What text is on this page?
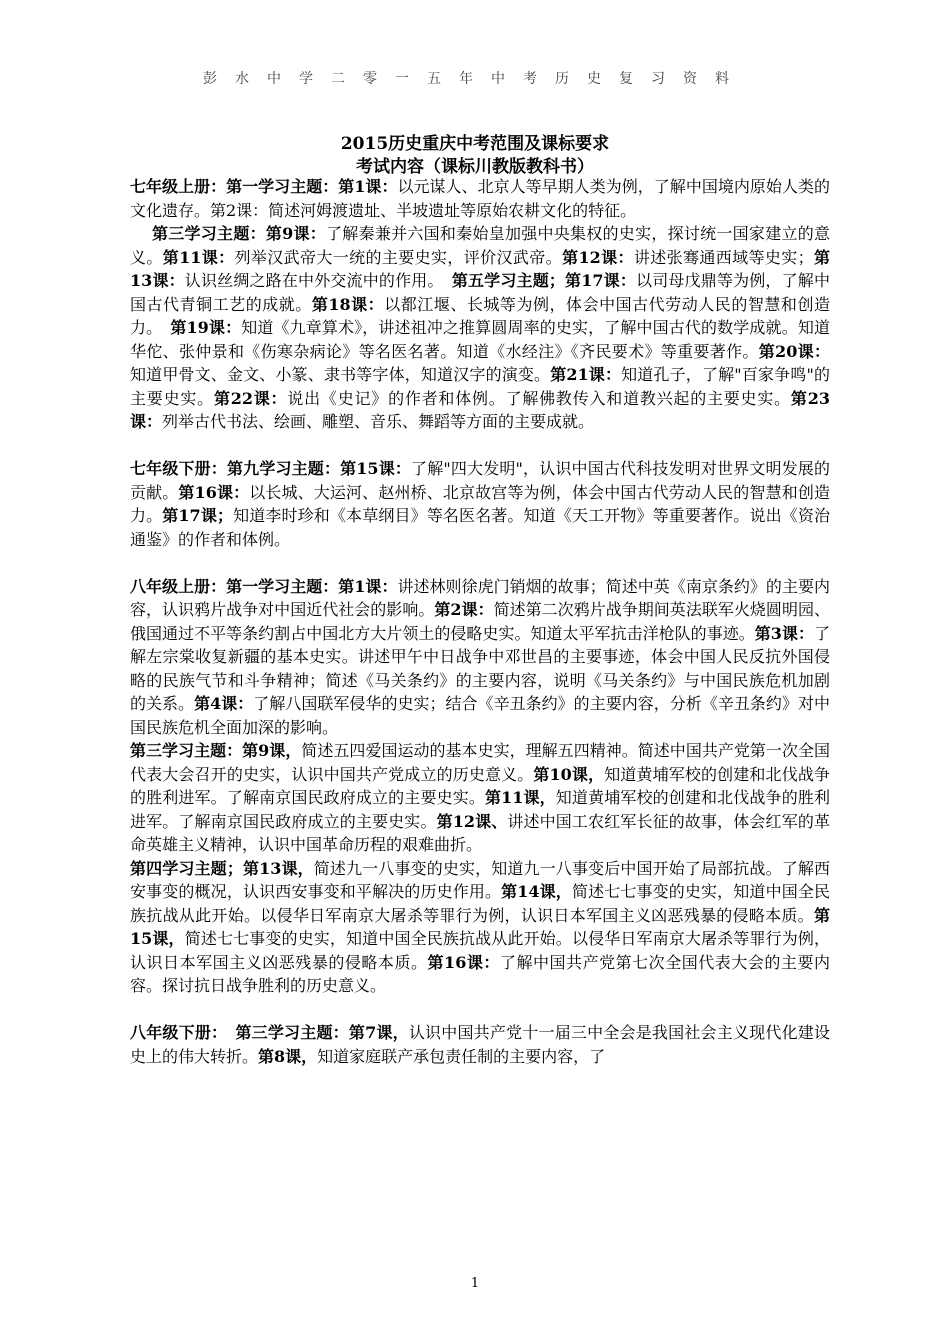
彭水中学二零一五年中考历史复习资料
2015历史重庆中考范围及课标要求
考试内容（课标川教版教科书）

七年级上册：第一学习主题：第1课：以元谋人、北京人等早期人类为例，了解中国境内原始人类的文化遗存。第2课：简述河姆渡遗址、半坡遗址等原始农耕文化的特征。

第三学习主题：第9课：了解秦兼并六国和秦始皇加强中央集权的史实，探讨统一国家建立的意义。第11课：列举汉武帝大一统的主要史实，评价汉武帝。第12课：讲述张骞通西域等史实；第13课：认识丝绸之路在中外交流中的作用。　 第五学习主题；第17课：以司母戊鼎等为例，了解中国古代青铜工艺的成就。第18课：以都江堰、长城等为例，体会中国古代劳动人民的智慧和创造力。　 第19课：知道《九章算术》，讲述祖冲之推算圆周率的史实，了解中国古代的数学成就。知道华佗、张仲景和《伤寒杂病论》等名医名著。知道《水经注》《齐民要术》等重要著作。第20课：知道甲骨文、金文、小篆、隶书等字体，知道汉字的演变。第21课：知道孔子，了解"百家争鸣"的主要史实。第22课：说出《史记》的作者和体例。了解佛教传入和道教兴起的主要史实。第23课：列举古代书法、绘画、雕塑、音乐、舞蹈等方面的主要成就。

七年级下册：第九学习主题：第15课：了解"四大发明"，认识中国古代科技发明对世界文明发展的贡献。第16课：以长城、大运河、赵州桥、北京故宫等为例，体会中国古代劳动人民的智慧和创造力。第17课；知道李时珍和《本草纲目》等名医名著。知道《天工开物》等重要著作。说出《资治通鉴》的作者和体例。

八年级上册：第一学习主题：第1课：讲述林则徐虎门销烟的故事；简述中英《南京条约》的主要内容，认识鸦片战争对中国近代社会的影响。第2课：简述第二次鸦片战争期间英法联军火烧圆明园、俄国通过不平等条约割占中国北方大片领土的侵略史实。知道太平军抗击洋枪队的事迹。第3课：了解左宗棠收复新疆的基本史实。讲述甲午中日战争中邓世昌的主要事迹，体会中国人民反抗外国侵略的民族气节和斗争精神；简述《马关条约》的主要内容，说明《马关条约》与中国民族危机加剧的关系。第4课：了解八国联军侵华的史实；结合《辛丑条约》的主要内容，分析《辛丑条约》对中国民族危机全面加深的影响。

第三学习主题：第9课，简述五四爱国运动的基本史实，理解五四精神。简述中国共产党第一次全国代表大会召开的史实，认识中国共产党成立的历史意义。第10课，知道黄埔军校的创建和北伐战争的胜利进军。了解南京国民政府成立的主要史实。第11课，知道黄埔军校的创建和北伐战争的胜利进军。了解南京国民政府成立的主要史实。第12课、讲述中国工农红军长征的故事，体会红军的革命英雄主义精神，认识中国革命历程的艰难曲折。

第四学习主题；第13课，简述九一八事变的史实，知道九一八事变后中国开始了局部抗战。了解西安事变的概况，认识西安事变和平解决的历史作用。第14课，简述七七事变的史实，知道中国全民族抗战从此开始。以侵华日军南京大屠杀等罪行为例，认识日本军国主义凶恶残暴的侵略本质。第15课，简述七七事变的史实，知道中国全民族抗战从此开始。以侵华日军南京大屠杀等罪行为例，认识日本军国主义凶恶残暴的侵略本质。第16课：了解中国共产党第七次全国代表大会的主要内容。探讨抗日战争胜利的历史意义。

八年级下册：　第三学习主题：第7课，认识中国共产党十一届三中全会是我国社会主义现代化建设史上的伟大转折。第8课，知道家庭联产承包责任制的主要内容，了

1
